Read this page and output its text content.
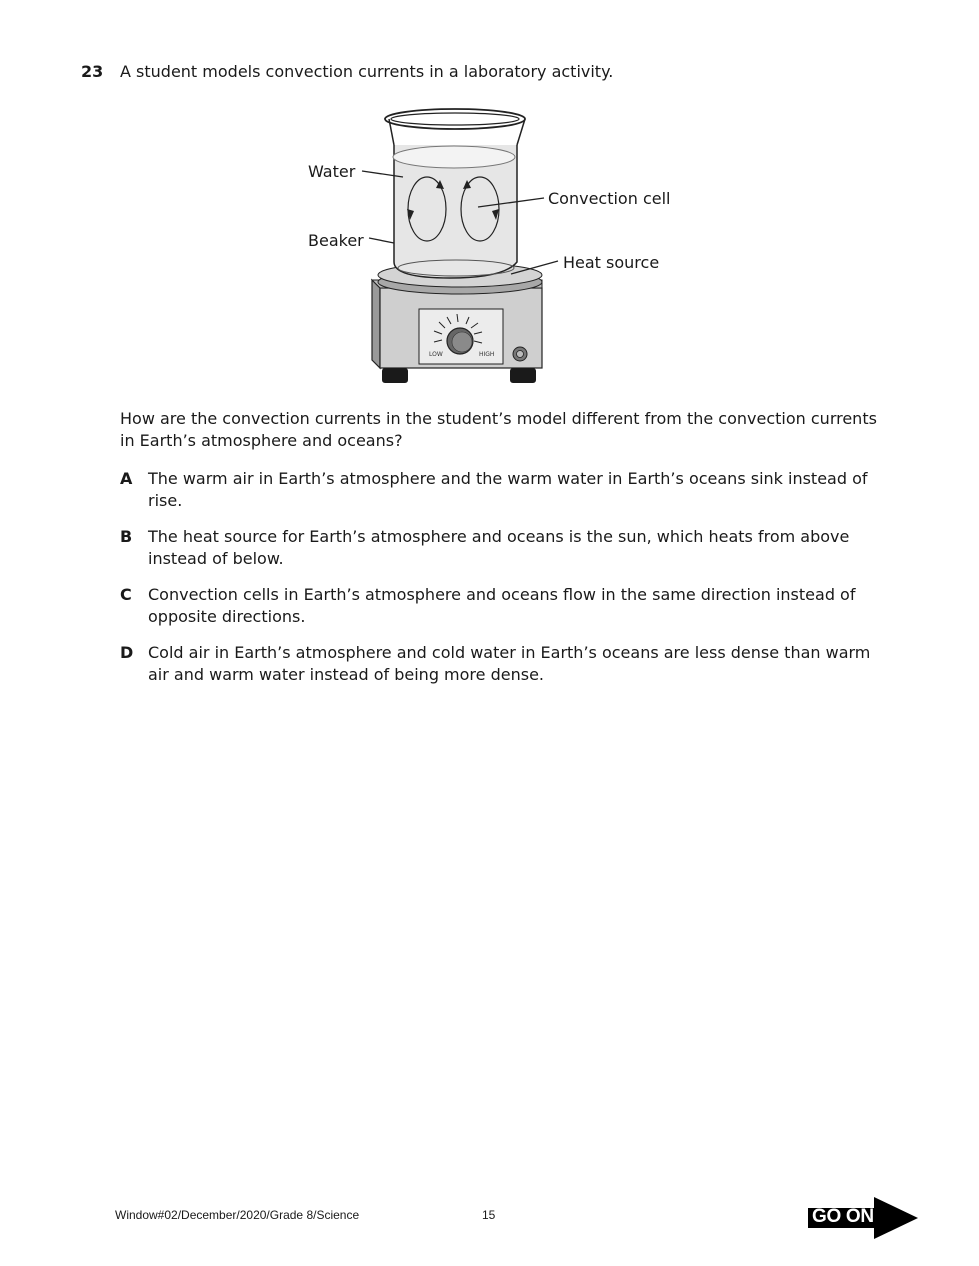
23 A student models convection currents in a laboratory activity.
LOW	HIGH
Water
Beaker
Convection cell
Heat source
How are the convection currents in the student’s model different from the convection currents in Earth’s atmosphere and oceans?
A The warm air in Earth’s atmosphere and the warm water in Earth’s oceans sink instead of rise.
B The heat source for Earth’s atmosphere and oceans is the sun, which heats from above instead of below.
C	Convection cells in Earth’s atmosphere and oceans flow in the same direction instead of opposite directions.
D Cold air in Earth’s atmosphere and cold water in Earth’s oceans are less dense than warm air and warm water instead of being more dense.
Window#02/December/2020/Grade 8/Science	15	GO ON
